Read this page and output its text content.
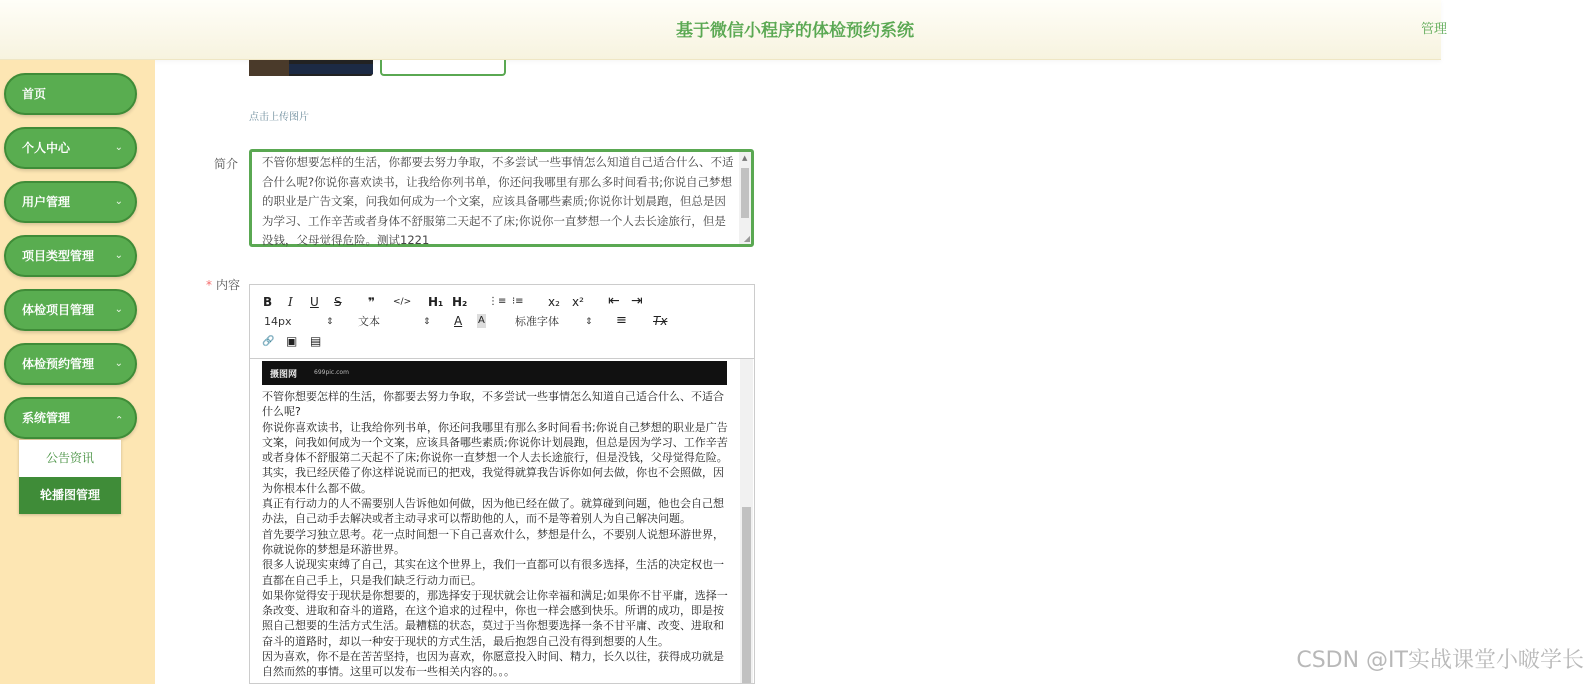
基于微信小程序的体检预约系统	管理
首页
个人中心	⌄
用户管理	⌄
项目类型管理 ⌄
体检项目管理 ⌄
体检预约管理 ⌄
系统管理	⌄
公告资讯
轮播图管理
点击上传图片
简介	不管你想要怎样的生活，你都要去努力争取，不多尝试一些事情怎么知道自己适合什么、不适合什么呢?你说你喜欢读书，让我给你列书单，你还问我哪里有那么多时间看书;你说自己梦想的职业是广告文案，问我如何成为一个文案，应该具备哪些素质;你说你计划晨跑，但总是因为学习、工作辛苦或者身体不舒服第二天起不了床;你说你一直梦想一个人去长途旅行，但是没钱，父母觉得危险。测试1221
▲
◢
* 内容
B I U S ❞ </> H₁ H₂ ⋮≡ ⁝≡ x₂ x² ⇤ ⇥
14px	⇕ 文本	⇕ A A	标准字体	⇕ ≡ Tx
🔗 ▣ ▤
摄图网	699pic.com

不管你想要怎样的生活，你都要去努力争取，不多尝试一些事情怎么知道自己适合什么、不适合什么呢?

你说你喜欢读书，让我给你列书单，你还问我哪里有那么多时间看书;你说自己梦想的职业是广告文案，问我如何成为一个文案，应该具备哪些素质;你说你计划晨跑，但总是因为学习、工作辛苦或者身体不舒服第二天起不了床;你说你一直梦想一个人去长途旅行，但是没钱，父母觉得危险。

其实，我已经厌倦了你这样说说而已的把戏，我觉得就算我告诉你如何去做，你也不会照做，因为你根本什么都不做。

真正有行动力的人不需要别人告诉他如何做，因为他已经在做了。就算碰到问题，他也会自己想办法，自己动手去解决或者主动寻求可以帮助他的人，而不是等着别人为自己解决问题。

首先要学习独立思考。花一点时间想一下自己喜欢什么，梦想是什么，不要别人说想环游世界，你就说你的梦想是环游世界。

很多人说现实束缚了自己，其实在这个世界上，我们一直都可以有很多选择，生活的决定权也一直都在自己手上，只是我们缺乏行动力而已。

如果你觉得安于现状是你想要的，那选择安于现状就会让你幸福和满足;如果你不甘平庸，选择一条改变、进取和奋斗的道路，在这个追求的过程中，你也一样会感到快乐。所谓的成功，即是按照自己想要的生活方式生活。最糟糕的状态，莫过于当你想要选择一条不甘平庸、改变、进取和奋斗的道路时，却以一种安于现状的方式生活，最后抱怨自己没有得到想要的人生。

因为喜欢，你不是在苦苦坚持，也因为喜欢，你愿意投入时间、精力，长久以往，获得成功就是自然而然的事情。这里可以发布一些相关内容的。。。	CSDN @IT实战课堂小啵学长
